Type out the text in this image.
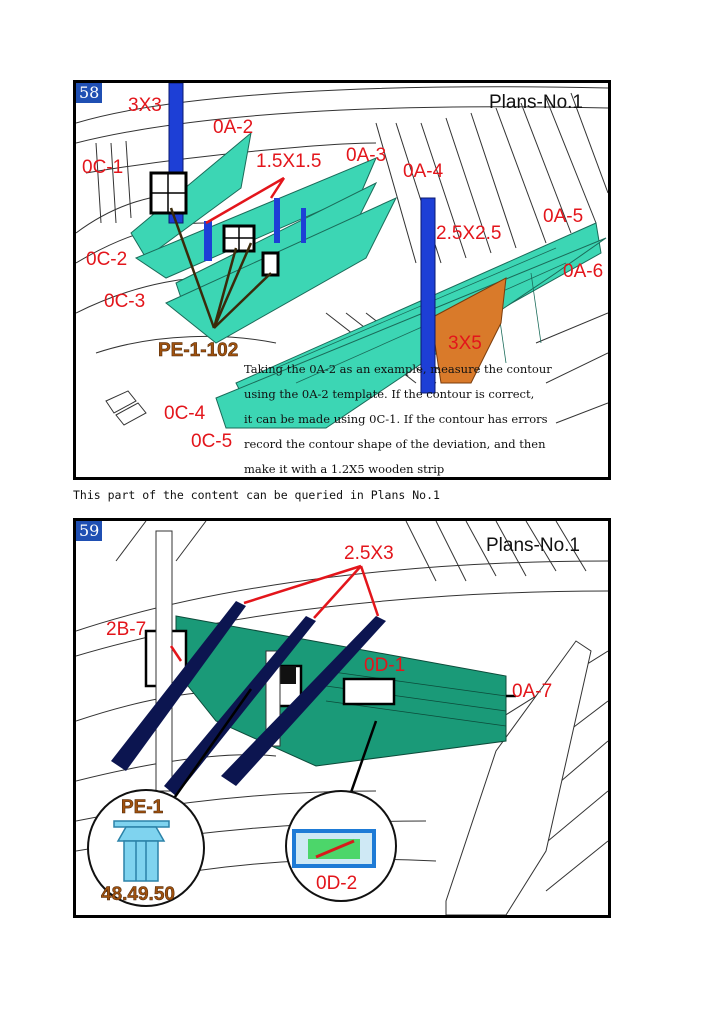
58	Plans-No.1
3X3
0A-2
1.5X1.5 0A-3
0A-4
0C-1
0A-5
2.5X2.5
0C-2
0A-6
0C-3
PE-1-102	3X5
0C-4
0C-5
Taking the 0A-2 as an example, measure the contour
using the 0A-2 template. If the contour is correct,
it can be made using 0C-1. If the contour has errors
record the contour shape of the deviation, and then
make it with a 1.2X5 wooden strip
This part of the content can be queried in Plans No.1
59
Plans-No.1
2.5X3
2B-7
0D-1
0A-7
PE-1
48.49.50
0D-2
